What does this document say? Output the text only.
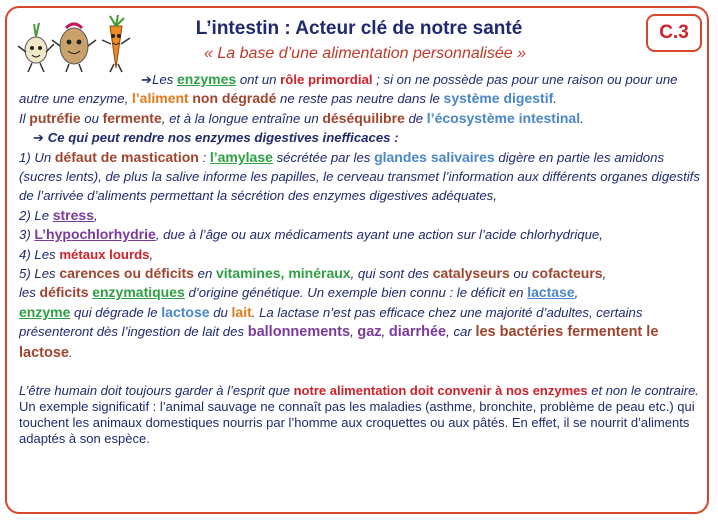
L’intestin : Acteur clé de notre santé
« La base d’une alimentation personnalisée »
C.3

➔Les enzymes ont un rôle primordial ; si on ne possède pas pour une raison ou pour une autre une enzyme, l’aliment non dégradé ne reste pas neutre dans le système digestif.

Il putréfie ou fermente, et à la longue entraîne un déséquilibre de l’écosystème intestinal.

➔ Ce qui peut rendre nos enzymes digestives inefficaces :

1) Un défaut de mastication : l’amylase sécrétée par les glandes salivaires digère en partie les amidons (sucres lents), de plus la salive informe les papilles, le cerveau transmet l’information aux différents organes digestifs de l’arrivée d’aliments permettant la sécrétion des enzymes digestives adéquates,

2) Le stress,

3) L’hypochlorhydrie, due à l’âge ou aux médicaments ayant une action sur l’acide chlorhydrique,

4) Les métaux lourds,

5) Les carences ou déficits en vitamines, minéraux, qui sont des catalyseurs ou cofacteurs,
les déficits enzymatiques d’origine génétique. Un exemple bien connu : le déficit en lactase,
enzyme qui dégrade le lactose du lait. La lactase n’est pas efficace chez une majorité d’adultes, certains présenteront dès l’ingestion de lait des ballonnements, gaz, diarrhée, car les bactéries fermentent le lactose.

L’être humain doit toujours garder à l’esprit que notre alimentation doit convenir à nos enzymes et non le contraire.

Un exemple significatif : l’animal sauvage ne connaît pas les maladies (asthme, bronchite, problème de peau etc.) qui touchent les animaux domestiques nourris par l’homme aux croquettes ou aux pâtés. En effet, il se nourrit d’aliments adaptés à son espèce.
